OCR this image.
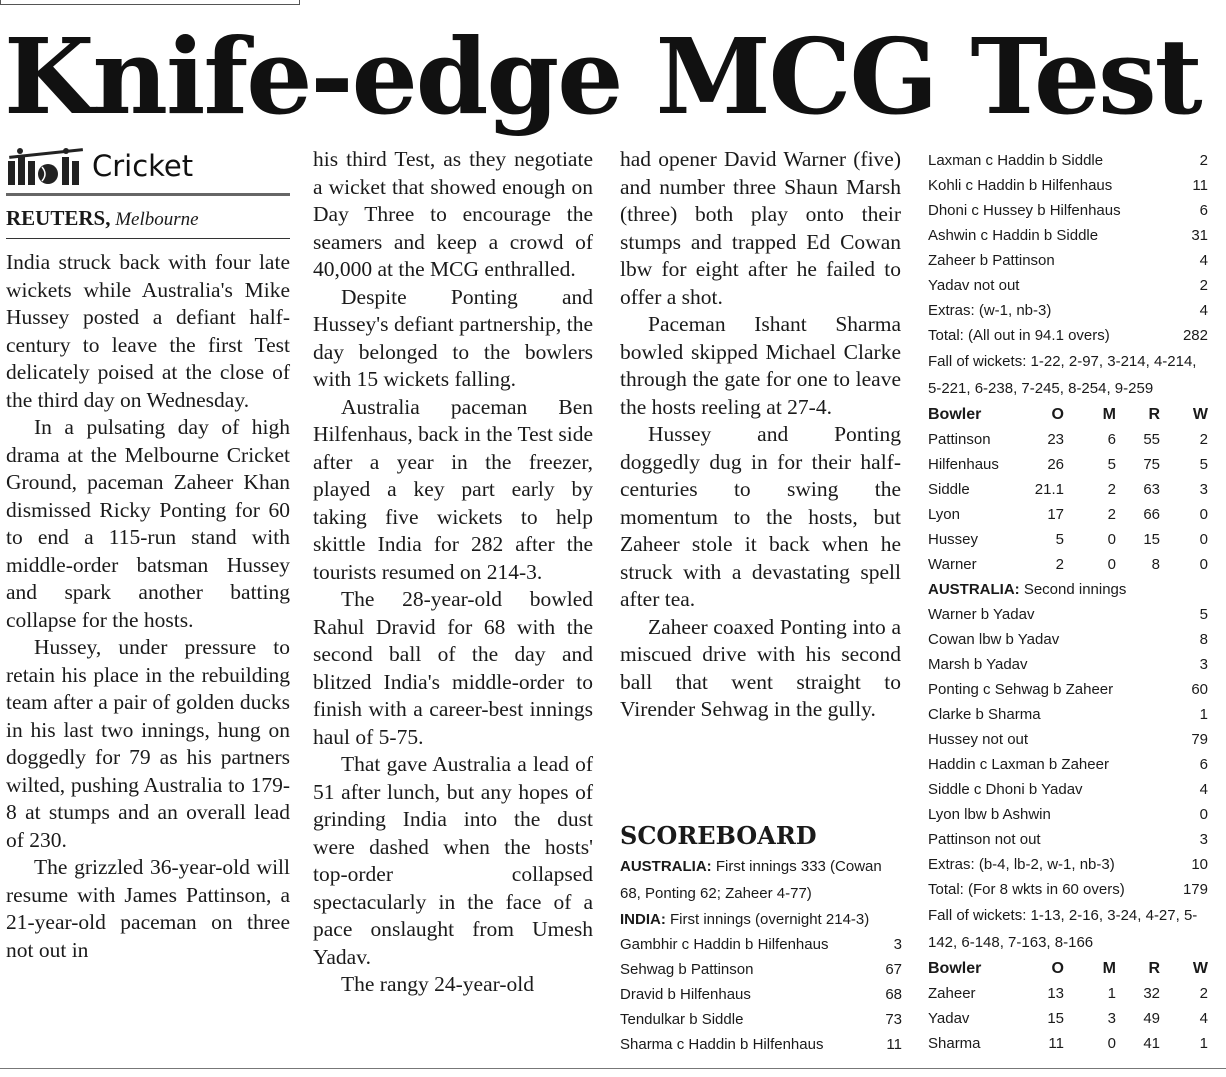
Knife-edge MCG Test
Cricket
REUTERS, Melbourne

India struck back with four late wickets while Australia's Mike Hussey posted a defiant half-century to leave the first Test delicately poised at the close of the third day on Wednesday.

In a pulsating day of high drama at the Melbourne Cricket Ground, paceman Zaheer Khan dismissed Ricky Ponting for 60 to end a 115-run stand with middle-order batsman Hussey and spark another batting collapse for the hosts.

Hussey, under pressure to retain his place in the rebuilding team after a pair of golden ducks in his last two innings, hung on doggedly for 79 as his partners wilted, pushing Australia to 179-8 at stumps and an overall lead of 230.

The grizzled 36-year-old will resume with James Pattinson, a 21-year-old paceman on three not out in

his third Test, as they negotiate a wicket that showed enough on Day Three to encourage the seamers and keep a crowd of 40,000 at the MCG enthralled.

Despite Ponting and Hussey's defiant partnership, the day belonged to the bowlers with 15 wickets falling.

Australia paceman Ben Hilfenhaus, back in the Test side after a year in the freezer, played a key part early by taking five wickets to help skittle India for 282 after the tourists resumed on 214-3.

The 28-year-old bowled Rahul Dravid for 68 with the second ball of the day and blitzed India's middle-order to finish with a career-best innings haul of 5-75.

That gave Australia a lead of 51 after lunch, but any hopes of grinding India into the dust were dashed when the hosts' top-order collapsed spectacularly in the face of a pace onslaught from Umesh Yadav.

The rangy 24-year-old

had opener David Warner (five) and number three Shaun Marsh (three) both play onto their stumps and trapped Ed Cowan lbw for eight after he failed to offer a shot.

Paceman Ishant Sharma bowled skipped Michael Clarke through the gate for one to leave the hosts reeling at 27-4.

Hussey and Ponting doggedly dug in for their half-centuries to swing the momentum to the hosts, but Zaheer stole it back when he struck with a devastating spell after tea.

Zaheer coaxed Ponting into a miscued drive with his second ball that went straight to Virender Sehwag in the gully.

SCOREBOARD
AUSTRALIA: First innings 333 (Cowan 68, Ponting 62; Zaheer 4-77)
INDIA: First innings (overnight 214-3)
Gambhir c Haddin b Hilfenhaus	3
Sehwag b Pattinson	67
Dravid b Hilfenhaus	68
Tendulkar b Siddle	73
Sharma c Haddin b Hilfenhaus	11
Laxman c Haddin b Siddle	2
Kohli c Haddin b Hilfenhaus	11
Dhoni c Hussey b Hilfenhaus	6
Ashwin c Haddin b Siddle	31
Zaheer b Pattinson	4
Yadav not out	2
Extras: (w-1, nb-3)	4
Total: (All out in 94.1 overs)	282
Fall of wickets: 1-22, 2-97, 3-214, 4-214, 5-221, 6-238, 7-245, 8-254, 9-259
Bowler	O	M	R	W
Pattinson	23	6	55	2
Hilfenhaus	26	5	75	5
Siddle	21.1	2	63	3
Lyon	17	2	66	0
Hussey	5	0	15	0
Warner	2	0	8	0
AUSTRALIA: Second innings
Warner b Yadav	5
Cowan lbw b Yadav	8
Marsh b Yadav	3
Ponting c Sehwag b Zaheer	60
Clarke b Sharma	1
Hussey not out	79
Haddin c Laxman b Zaheer	6
Siddle c Dhoni b Yadav	4
Lyon lbw b Ashwin	0
Pattinson not out	3
Extras: (b-4, lb-2, w-1, nb-3)	10
Total: (For 8 wkts in 60 overs)	179
Fall of wickets: 1-13, 2-16, 3-24, 4-27, 5-142, 6-148, 7-163, 8-166
Bowler	O	M	R	W
Zaheer	13	1	32	2
Yadav	15	3	49	4
Sharma	11	0	41	1
